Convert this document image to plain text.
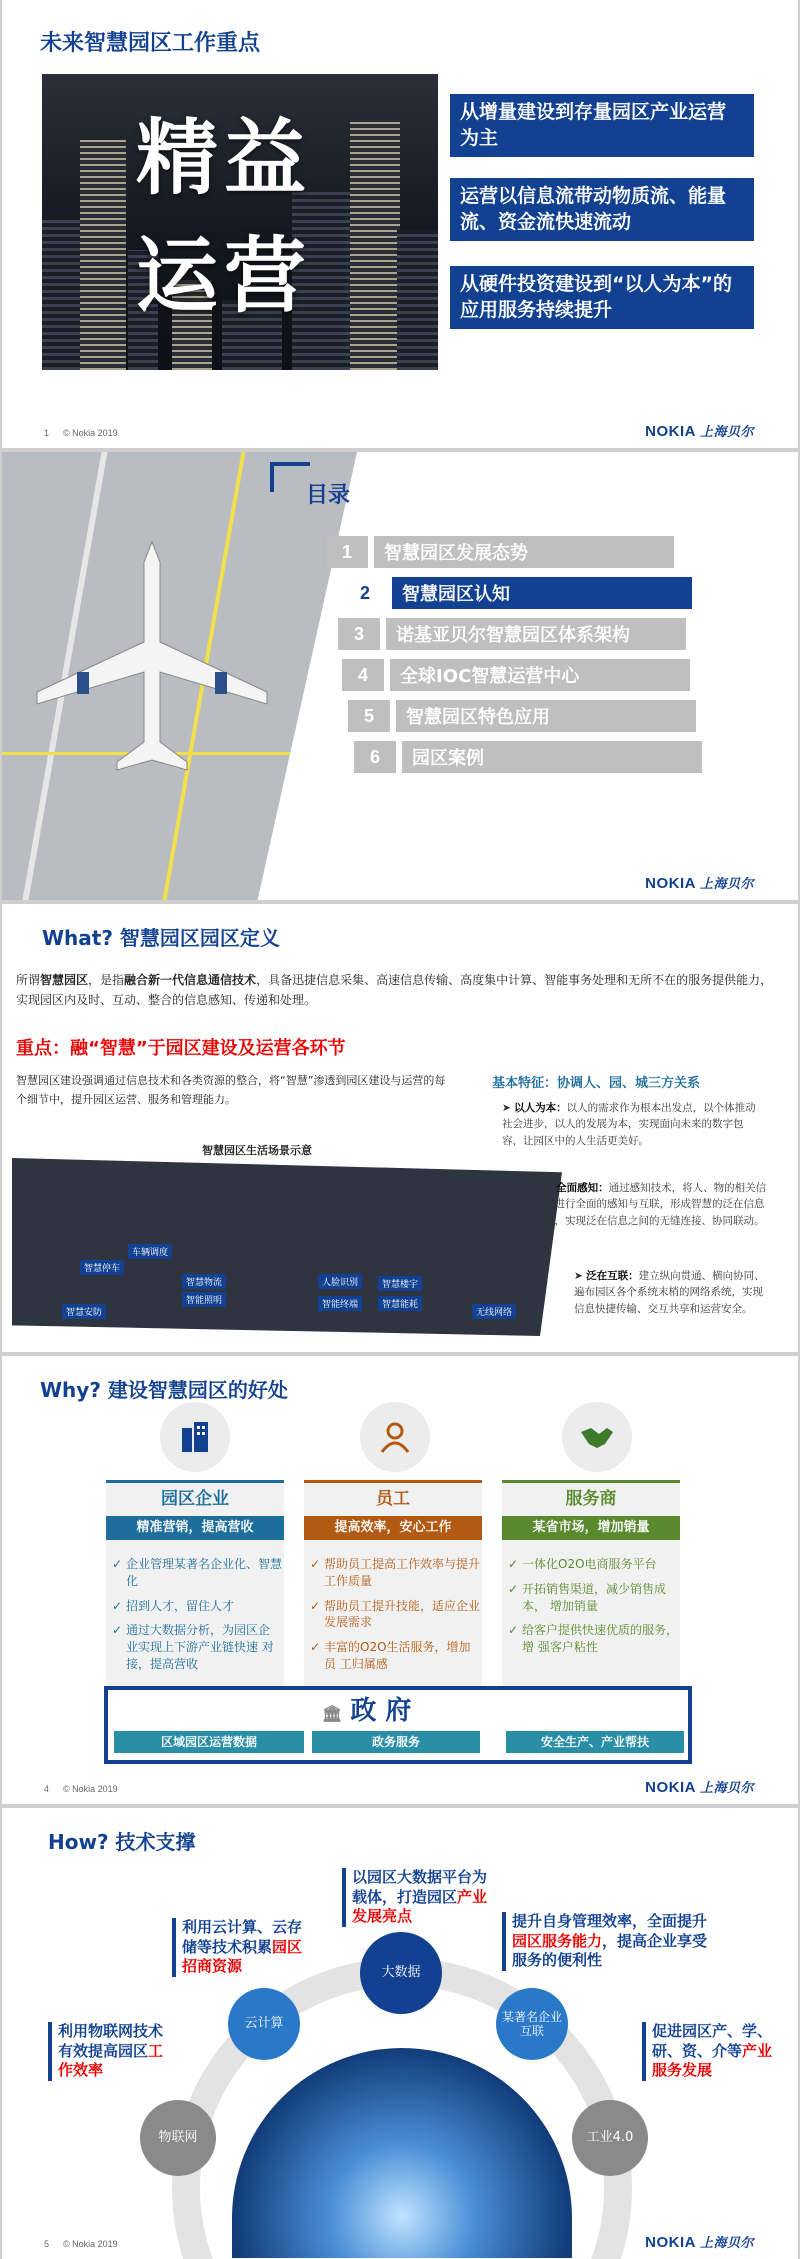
未来智慧园区工作重点
精益
运营
从增量建设到存量园区产业运营为主
运营以信息流带动物质流、能量流、资金流快速流动
从硬件投资建设到“以人为本”的应用服务持续提升
1 © Nokia 2019	NOKIA 上海贝尔
目录
1	智慧园区发展态势
2	智慧园区认知
3	诺基亚贝尔智慧园区体系架构
4	全球IOC智慧运营中心
5	智慧园区特色应用
6	园区案例
NOKIA 上海贝尔
What? 智慧园区园区定义
所谓智慧园区，是指融合新一代信息通信技术，具备迅捷信息采集、高速信息传输、高度集中计算、智能事务处理和无所不在的服务提供能力，实现园区内及时、互动、整合的信息感知、传递和处理。
重点：融“智慧”于园区建设及运营各环节
智慧园区建设强调通过信息技术和各类资源的整合，将“智慧”渗透到园区建设与运营的每个细节中，提升园区运营、服务和管理能力。
智慧园区生活场景示意
智慧停车
车辆调度
智慧安防
智能照明
人脸识别	智慧楼宇
智慧能耗
智能终端
智慧物流
无线网络
基本特征：协调人、园、城三方关系
➤ 以人为本：以人的需求作为根本出发点，以个体推动社会进步，以人的发展为本，实现面向未来的数字包容，让园区中的人生活更美好。
➤ 全面感知：通过感知技术，将人、物的相关信息进行全面的感知与互联，形成智慧的泛在信息源，实现泛在信息之间的无缝连接、协同联动。
➤ 泛在互联：建立纵向贯通、横向协同、遍布园区各个系统末梢的网络系统，实现信息快捷传输、交互共享和运营安全。
Why? 建设智慧园区的好处
园区企业
精准营销，提高营收
✓ 企业管理某著名企业化、智慧化
✓ 招到人才，留住人才
✓ 通过大数据分析，为园区企 业实现上下游产业链快速 对接，提高营收
员工
提高效率，安心工作
✓ 帮助员工提高工作效率与提升 工作质量
✓ 帮助员工提升技能，适应企业 发展需求
✓ 丰富的O2O生活服务，增加员 工归属感
服务商
某省市场，增加销量
✓ 一体化O2O电商服务平台
✓ 开拓销售渠道，减少销售成本， 增加销量
✓ 给客户提供快速优质的服务，增 强客户粘性
🏛 政 府
区域园区运营数据	政务服务	安全生产、产业帮扶
4 © Nokia 2019	NOKIA 上海贝尔
How? 技术支撑
以园区大数据平台为载体，打造园区产业发展亮点
利用云计算、云存储等技术积累园区招商资源
提升自身管理效率，全面提升园区服务能力，提高企业享受服务的便利性
利用物联网技术有效提高园区工作效率
促进园区产、学、研、资、介等产业服务发展
大数据
云计算	某著名企业互联
物联网	工业4.0
5 © Nokia 2019	NOKIA 上海贝尔
